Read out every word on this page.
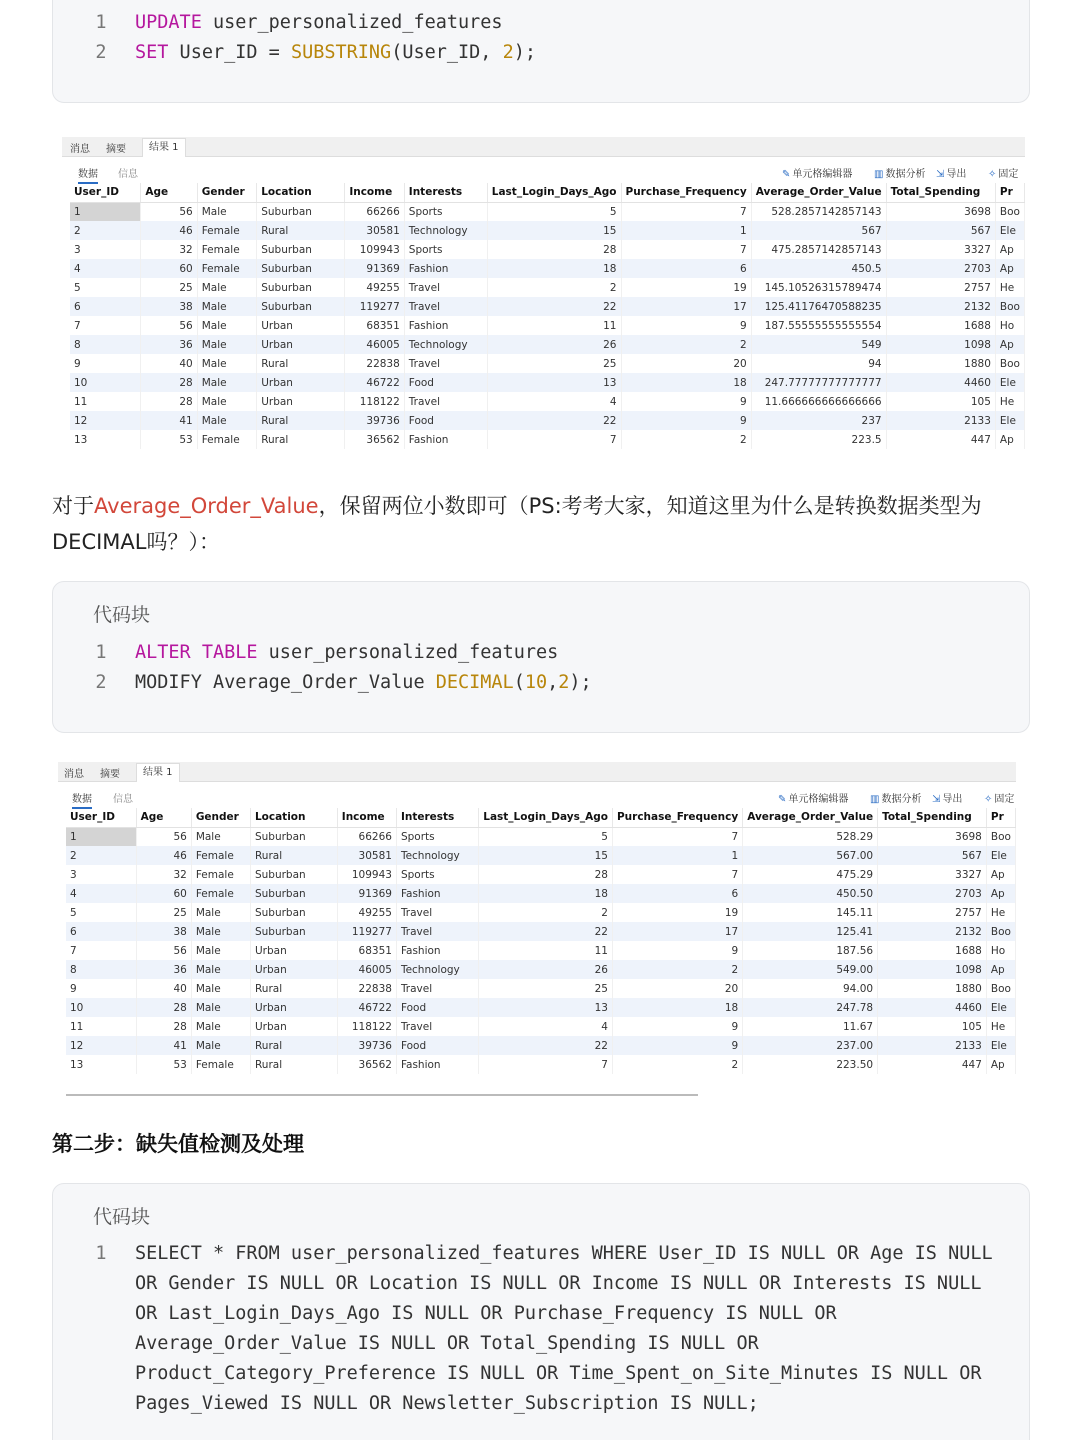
1 UPDATE user_personalized_features
2 SET User_ID = SUBSTRING(User_ID, 2);
消息 摘要	结果 1
数据 信息	✎ 单元格编辑器 ▥ 数据分析 ⇲ 导出 ✧ 固定
User_ID	Age	Gender	Location	Income	Interests	Last_Login_Days_Ago	Purchase_Frequency	Average_Order_Value	Total_Spending	Pr
1	56	Male	Suburban	66266	Sports	5	7	528.2857142857143	3698	Boo
2	46	Female	Rural	30581	Technology	15	1	567	567	Ele
3	32	Female	Suburban	109943	Sports	28	7	475.2857142857143	3327	Ap
4	60	Female	Suburban	91369	Fashion	18	6	450.5	2703	Ap
5	25	Male	Suburban	49255	Travel	2	19	145.10526315789474	2757	He
6	38	Male	Suburban	119277	Travel	22	17	125.41176470588235	2132	Boo
7	56	Male	Urban	68351	Fashion	11	9	187.55555555555554	1688	Ho
8	36	Male	Urban	46005	Technology	26	2	549	1098	Ap
9	40	Male	Rural	22838	Travel	25	20	94	1880	Boo
10	28	Male	Urban	46722	Food	13	18	247.77777777777777	4460	Ele
11	28	Male	Urban	118122	Travel	4	9	11.666666666666666	105	He
12	41	Male	Rural	39736	Food	22	9	237	2133	Ele
13	53	Female	Rural	36562	Fashion	7	2	223.5	447	Ap
对于Average_Order_Value，保留两位小数即可（PS:考考大家，知道这里为什么是转换数据类型为DECIMAL吗？）：
代码块
1 ALTER TABLE user_personalized_features
2 MODIFY Average_Order_Value DECIMAL(10,2);
消息 摘要	结果 1
数据 信息	✎ 单元格编辑器 ▥ 数据分析 ⇲ 导出 ✧ 固定
User_ID	Age	Gender	Location	Income	Interests	Last_Login_Days_Ago	Purchase_Frequency	Average_Order_Value	Total_Spending	Pr
1	56	Male	Suburban	66266	Sports	5	7	528.29	3698	Boo
2	46	Female	Rural	30581	Technology	15	1	567.00	567	Ele
3	32	Female	Suburban	109943	Sports	28	7	475.29	3327	Ap
4	60	Female	Suburban	91369	Fashion	18	6	450.50	2703	Ap
5	25	Male	Suburban	49255	Travel	2	19	145.11	2757	He
6	38	Male	Suburban	119277	Travel	22	17	125.41	2132	Boo
7	56	Male	Urban	68351	Fashion	11	9	187.56	1688	Ho
8	36	Male	Urban	46005	Technology	26	2	549.00	1098	Ap
9	40	Male	Rural	22838	Travel	25	20	94.00	1880	Boo
10	28	Male	Urban	46722	Food	13	18	247.78	4460	Ele
11	28	Male	Urban	118122	Travel	4	9	11.67	105	He
12	41	Male	Rural	39736	Food	22	9	237.00	2133	Ele
13	53	Female	Rural	36562	Fashion	7	2	223.50	447	Ap
第二步：缺失值检测及处理
代码块
1 SELECT * FROM user_personalized_features WHERE User_ID IS NULL OR Age IS NULL
OR Gender IS NULL OR Location IS NULL OR Income IS NULL OR Interests IS NULL
OR Last_Login_Days_Ago IS NULL OR Purchase_Frequency IS NULL OR
Average_Order_Value IS NULL OR Total_Spending IS NULL OR
Product_Category_Preference IS NULL OR Time_Spent_on_Site_Minutes IS NULL OR
Pages_Viewed IS NULL OR Newsletter_Subscription IS NULL;
